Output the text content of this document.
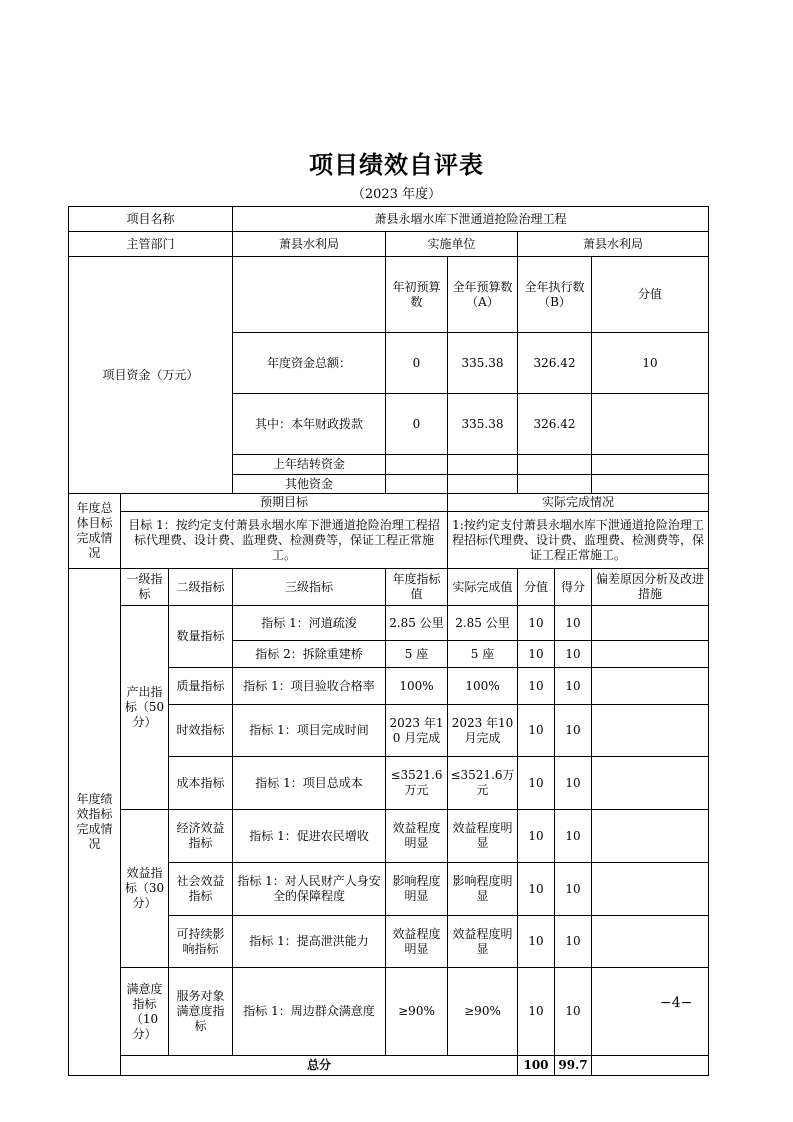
项目绩效自评表
（2023 年度）
项目名称			萧县永堌水库下泄通道抢险治理工程						
主管部门			萧县水利局	实施单位		萧县水利局			
项目资金（万元）				年初预算数	全年预算数（A）	全年执行数（B）		分值		
			年度资金总额：	0	335.38	326.42		10		
			其中：本年财政拨款	0	335.38	326.42			
			上年结转资金						
			其他资金						
年度总体目标完成情况	预期目标				实际完成情况				
	目标 1：按约定支付萧县永堌水库下泄通道抢险治理工程招标代理费、设计费、监理费、检测费等，保证工程正常施工。				1:按约定支付萧县永堌水库下泄通道抢险治理工程招标代理费、设计费、监理费、检测费等，保证工程正常施工。				
年度绩效指标完成情况	一级指标	二级指标	三级指标	年度指标值	实际完成值	分值	得分	偏差原因分析及改进措施	
	产出指标（50分）	数量指标	指标 1：河道疏浚	2.85 公里	2.85 公里	10	10		
			指标 2：拆除重建桥	5 座	5 座	10	10		
		质量指标	指标 1：项目验收合格率	100%	100%	10	10		
		时效指标	指标 1：项目完成时间	2023 年10 月完成	2023 年10月完成	10	10		
		成本指标	指标 1：项目总成本	≤3521.6万元	≤3521.6万元	10	10		
	效益指标（30分）	经济效益指标	指标 1：促进农民增收	效益程度明显	效益程度明显	10	10		
		社会效益指标	指标 1：对人民财产人身安全的保障程度	影响程度明显	影响程度明显	10	10		
		可持续影响指标	指标 1：提高泄洪能力	效益程度明显	效益程度明显	10	10		
	满意度指标（10分）	服务对象满意度指标	指标 1：周边群众满意度	≥90%	≥90%	10	10		
	总分					100	99.7		
−4−
